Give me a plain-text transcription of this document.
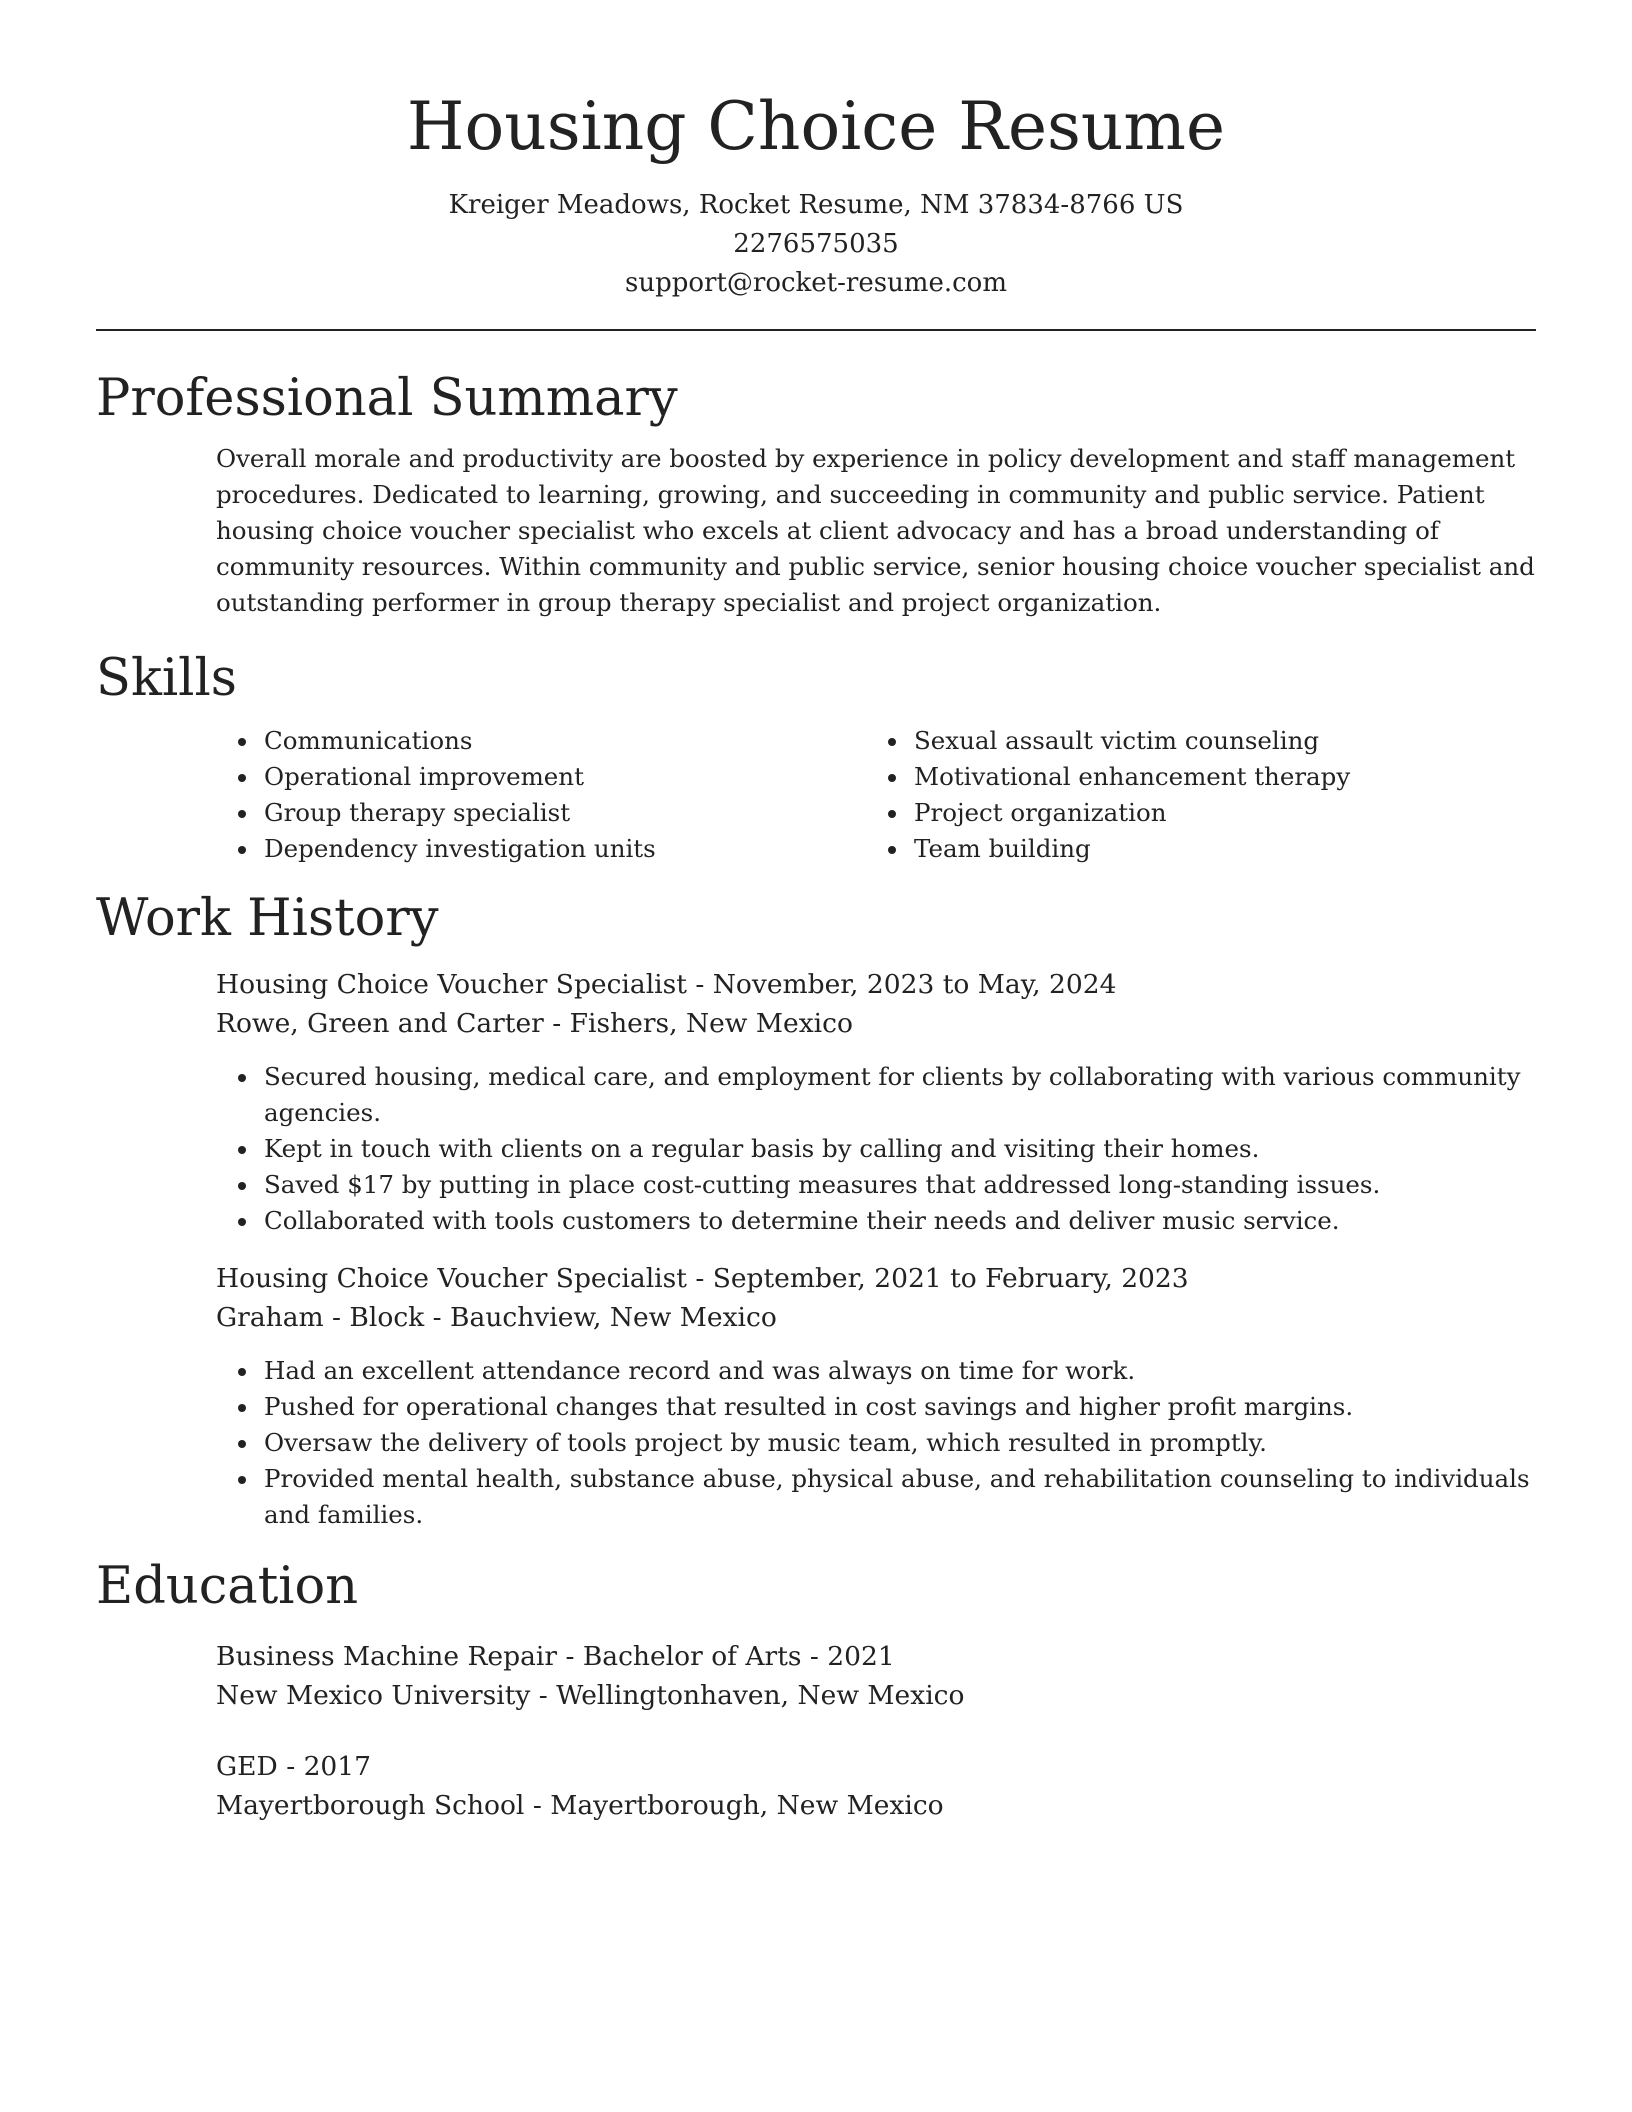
Housing Choice Resume
Kreiger Meadows, Rocket Resume, NM 37834-8766 US
2276575035
support@rocket-resume.com
Professional Summary

Overall morale and productivity are boosted by experience in policy development and staff management procedures. Dedicated to learning, growing, and succeeding in community and public service. Patient housing choice voucher specialist who excels at client advocacy and has a broad understanding of community resources. Within community and public service, senior housing choice voucher specialist and outstanding performer in group therapy specialist and project organization.

Skills
• Communications
• Operational improvement
• Group therapy specialist
• Dependency investigation units
• Sexual assault victim counseling
• Motivational enhancement therapy
• Project organization
• Team building
Work History
Housing Choice Voucher Specialist - November, 2023 to May, 2024
Rowe, Green and Carter - Fishers, New Mexico
• Secured housing, medical care, and employment for clients by collaborating with various community agencies.
• Kept in touch with clients on a regular basis by calling and visiting their homes.
• Saved $17 by putting in place cost-cutting measures that addressed long-standing issues.
• Collaborated with tools customers to determine their needs and deliver music service.
Housing Choice Voucher Specialist - September, 2021 to February, 2023
Graham - Block - Bauchview, New Mexico
• Had an excellent attendance record and was always on time for work.
• Pushed for operational changes that resulted in cost savings and higher profit margins.
• Oversaw the delivery of tools project by music team, which resulted in promptly.
• Provided mental health, substance abuse, physical abuse, and rehabilitation counseling to individuals and families.
Education
Business Machine Repair - Bachelor of Arts - 2021
New Mexico University - Wellingtonhaven, New Mexico
GED - 2017
Mayertborough School - Mayertborough, New Mexico
